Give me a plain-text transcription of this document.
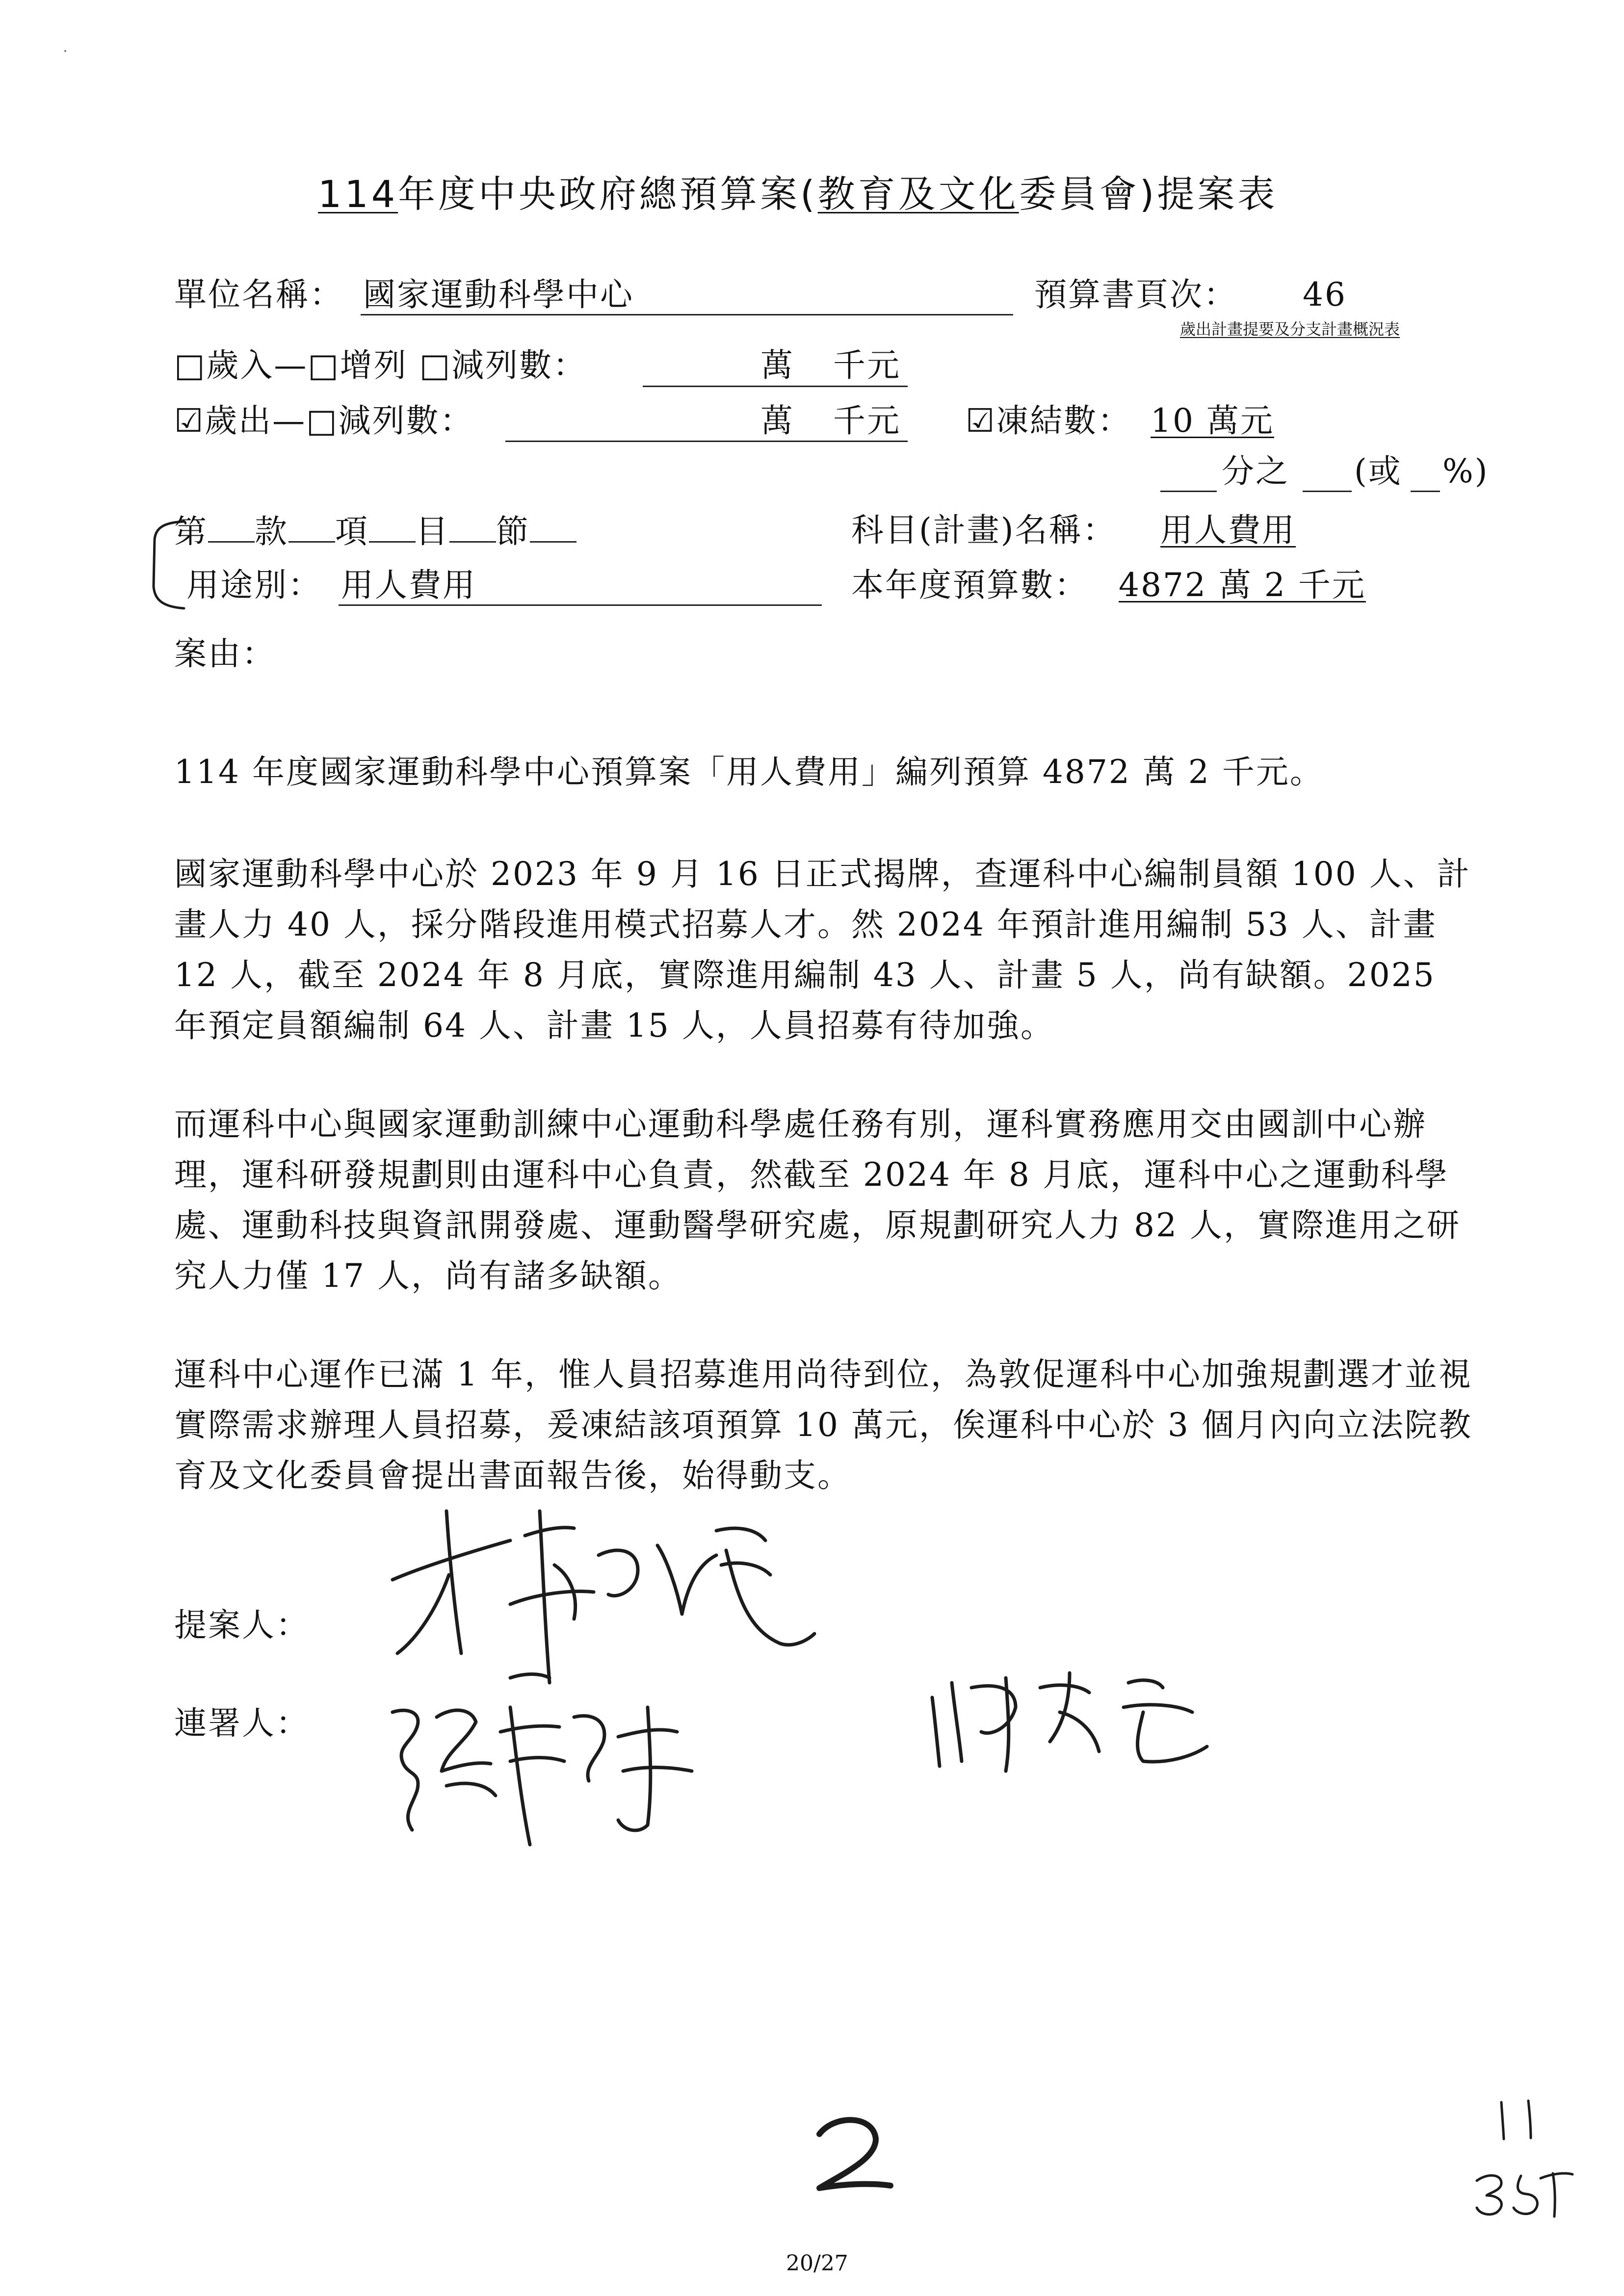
·
114年度中央政府總預算案(教育及文化委員會)提案表
單位名稱： 國家運動科學中心	預算書頁次： 46
歲出計畫提要及分支計畫概況表
□歲入—□增列 □減列數：	萬 千元
☑歲出—□減列數：	萬 千元 ☑凍結數： 10 萬元
分之 (或 %)
第 款 項 目 節	科目(計畫)名稱： 用人費用
用途別： 用人費用	本年度預算數： 4872 萬 2 千元
案由：

114 年度國家運動科學中心預算案「用人費用」編列預算 4872 萬 2 千元。

國家運動科學中心於 2023 年 9 月 16 日正式揭牌，查運科中心編制員額 100 人、計畫人力 40 人，採分階段進用模式招募人才。然 2024 年預計進用編制 53 人、計畫 12 人，截至 2024 年 8 月底，實際進用編制 43 人、計畫 5 人，尚有缺額。2025 年預定員額編制 64 人、計畫 15 人，人員招募有待加強。

而運科中心與國家運動訓練中心運動科學處任務有別，運科實務應用交由國訓中心辦理，運科研發規劃則由運科中心負責，然截至 2024 年 8 月底，運科中心之運動科學處、運動科技與資訊開發處、運動醫學研究處，原規劃研究人力 82 人，實際進用之研究人力僅 17 人，尚有諸多缺額。

運科中心運作已滿 1 年，惟人員招募進用尚待到位，為敦促運科中心加強規劃選才並視實際需求辦理人員招募，爰凍結該項預算 10 萬元，俟運科中心於 3 個月內向立法院教育及文化委員會提出書面報告後，始得動支。

提案人：
連署人：
20/27
